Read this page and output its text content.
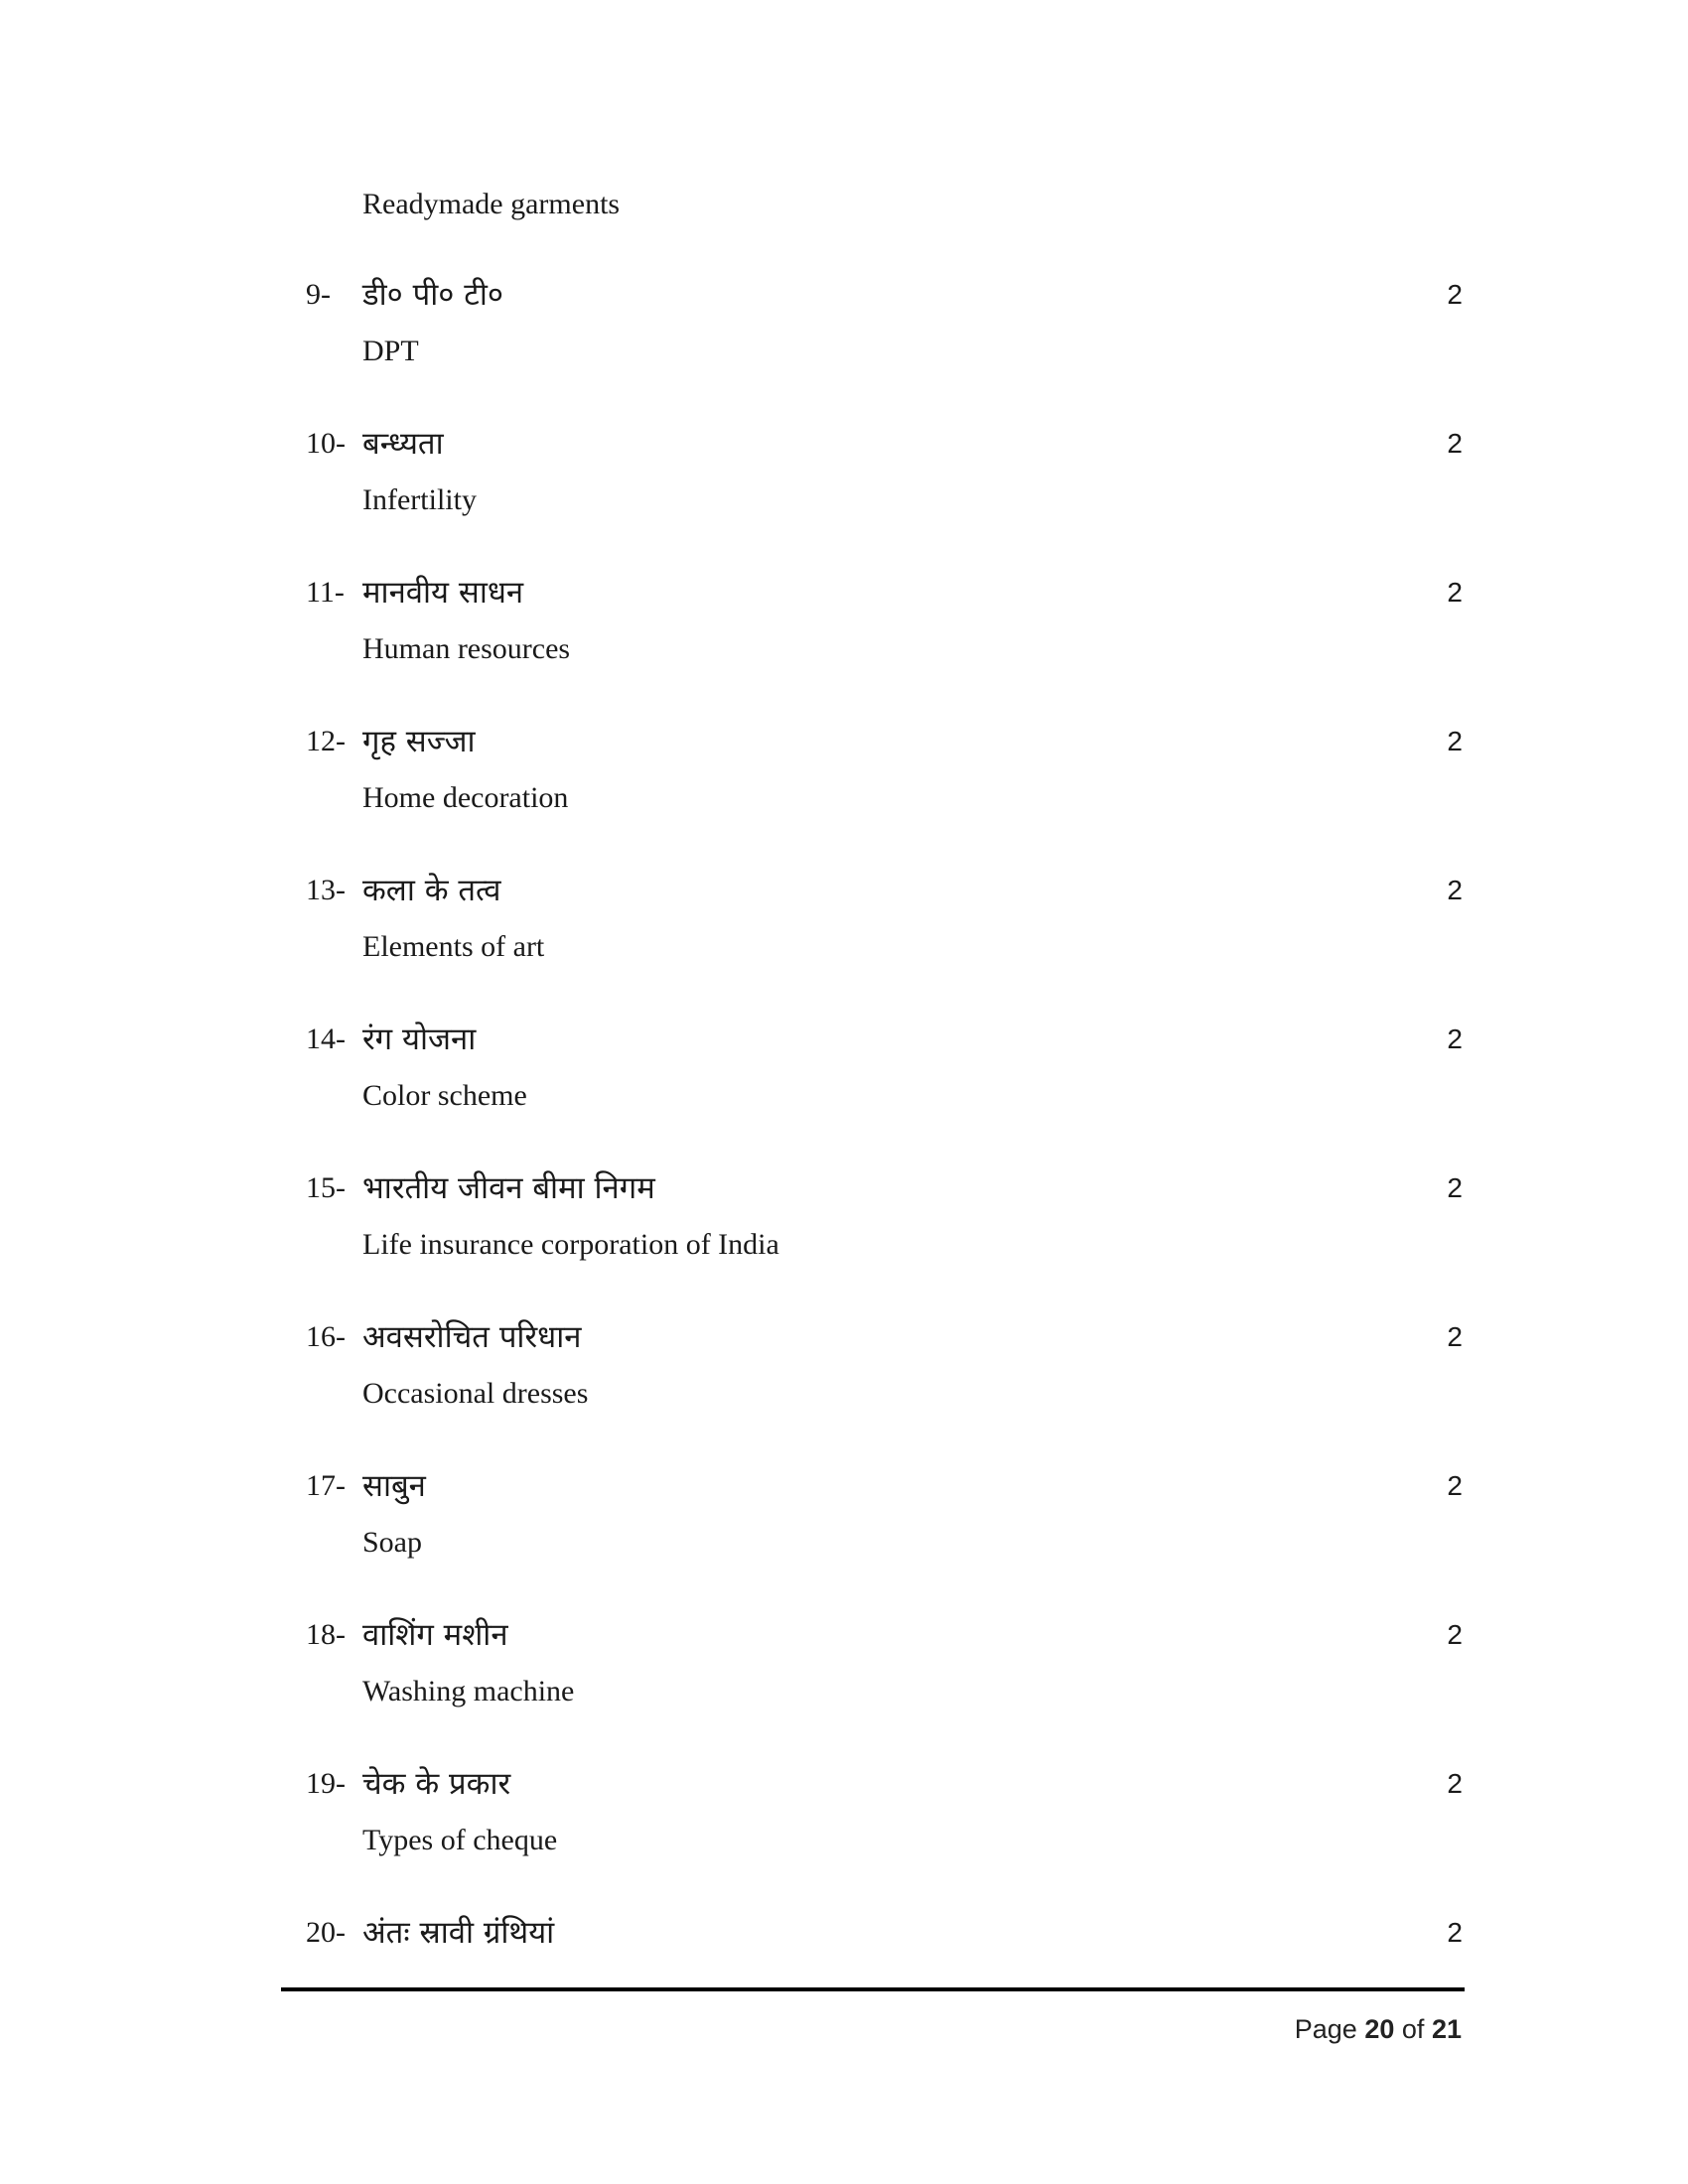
Readymade garments
9-	डी० पी० टी०	2
DPT
10- बन्ध्यता	2
Infertility
11- मानवीय साधन	2
Human resources
12- गृह सज्जा	2
Home decoration
13- कला के तत्व	2
Elements of art
14- रंग योजना	2
Color scheme
15- भारतीय जीवन बीमा निगम	2
Life insurance corporation of India
16- अवसरोचित परिधान	2
Occasional dresses
17- साबुन	2
Soap
18- वाशिंग मशीन	2
Washing machine
19- चेक के प्रकार	2
Types of cheque
20- अंतः स्रावी ग्रंथियां	2
Page 20 of 21
